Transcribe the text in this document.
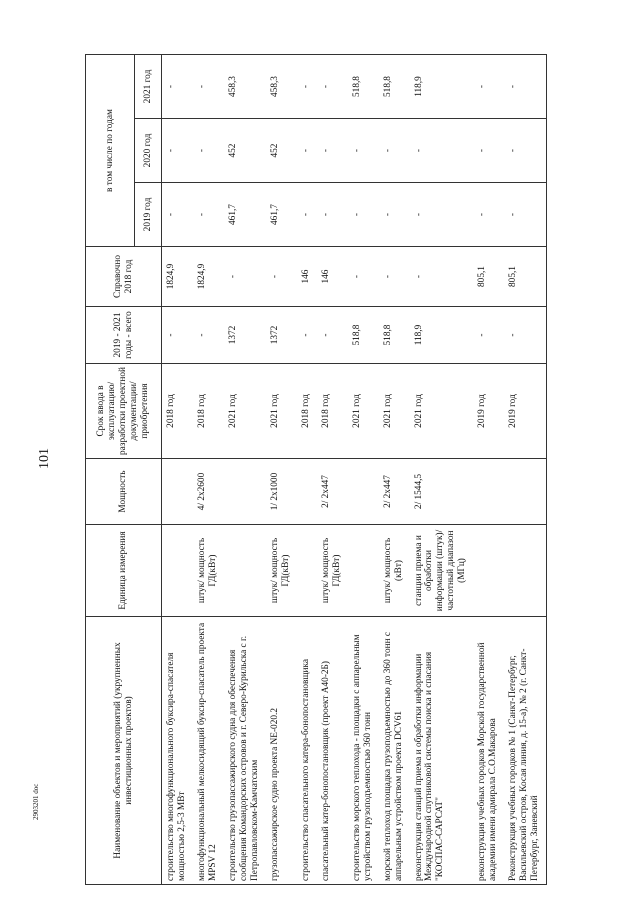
101
Наименование объектов и мероприятий (укрупненных инвестиционных проектов)	Единица измерения	Мощность	Срок ввода в эксплуатацию/ разработки проектной документации/ приобретения	2019 - 2021 годы - всего	Справочно 2018 год	в том числе по годам		
						2019 год	2020 год	2021 год
строительство многофункционального буксира-спасателя мощностью 2,5-3 МВт			2018 год	-	1824,9	-	-	-
многофункциональный мелкосидящий буксир-спасатель проекта MPSV 12	штук/ мощность ГД(кВт)	4/ 2x2600	2018 год	-	1824,9	-	-	-
строительство грузопассажирского судна для обеспечения сообщения Командорских островов и г. Северо-Курильска с г. Петропавловском-Камчатским			2021 год	1372	-	461,7	452	458,3
грузопассажирское судно проекта NE-020.2	штук/ мощность ГД(кВт)	1/ 2x1000	2021 год	1372	-	461,7	452	458,3
строительство спасательного катера-бонопостановщика			2018 год	-	146	-	-	-
спасательный катер-бонопостановщик (проект А40-2Б)	штук/ мощность ГД(кВт)	2/ 2x447	2018 год	-	146	-	-	-
строительство морского теплохода - площадки с аппарельным устройством грузоподъемностью 360 тонн			2021 год	518,8	-	-	-	518,8
морской теплоход площадка грузоподъемностью до 360 тонн с аппарельным устройством проекта DCV61	штук/ мощность (кВт)	2/ 2x447	2021 год	518,8	-	-	-	518,8
реконструкция станций приема и обработки информации Международной спутниковой системы поиска и спасания "КОСПАС-САРСАТ"	станции приема и обработки информации (штук)/ частотный диапазон (МГц)	2/ 1544,5	2021 год	118,9	-	-	-	118,9
реконструкция учебных городков Морской государственной академии имени адмирала С.О.Макарова			2019 год	-	805,1	-	-	-
Реконструкция учебных городков № 1 (Санкт-Петербург, Васильевский остров, Косая линия, д. 15-а), № 2 (г. Санкт-Петербург, Заневский			2019 год	-	805,1	-	-	-
2903201 doc
